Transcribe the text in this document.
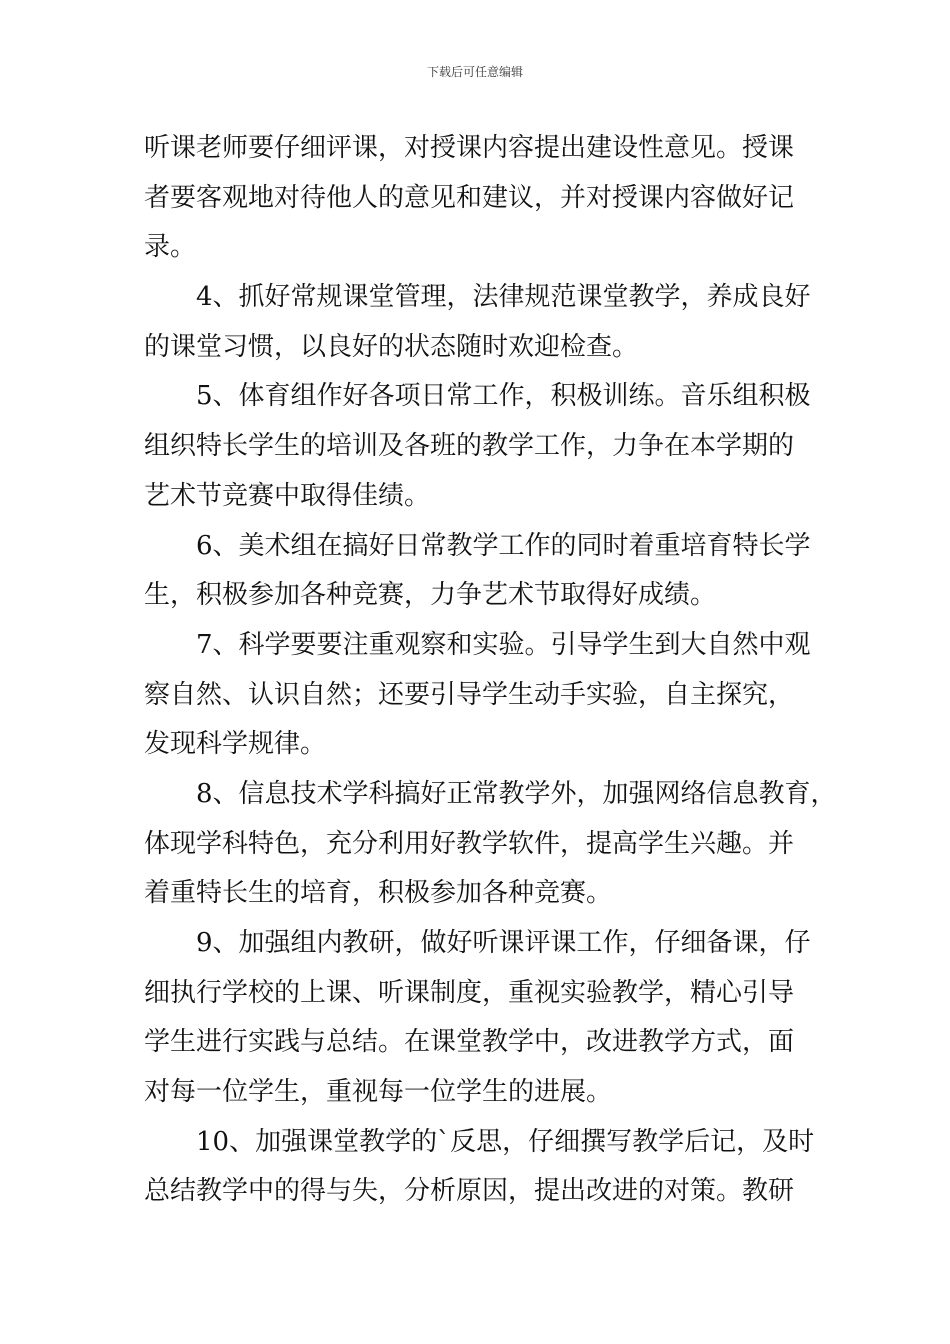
下载后可任意编辑
听课老师要仔细评课，对授课内容提出建设性意见。授课
者要客观地对待他人的意见和建议，并对授课内容做好记
录。
4、抓好常规课堂管理，法律规范课堂教学，养成良好
的课堂习惯，以良好的状态随时欢迎检查。
5、体育组作好各项日常工作，积极训练。音乐组积极
组织特长学生的培训及各班的教学工作，力争在本学期的
艺术节竞赛中取得佳绩。
6、美术组在搞好日常教学工作的同时着重培育特长学
生，积极参加各种竞赛，力争艺术节取得好成绩。
7、科学要要注重观察和实验。引导学生到大自然中观
察自然、认识自然；还要引导学生动手实验，自主探究，
发现科学规律。
8、信息技术学科搞好正常教学外，加强网络信息教育，
体现学科特色，充分利用好教学软件，提高学生兴趣。并
着重特长生的培育，积极参加各种竞赛。
9、加强组内教研，做好听课评课工作，仔细备课，仔
细执行学校的上课、听课制度，重视实验教学，精心引导
学生进行实践与总结。在课堂教学中，改进教学方式，面
对每一位学生，重视每一位学生的进展。
10、加强课堂教学的`反思，仔细撰写教学后记，及时
总结教学中的得与失，分析原因，提出改进的对策。教研
